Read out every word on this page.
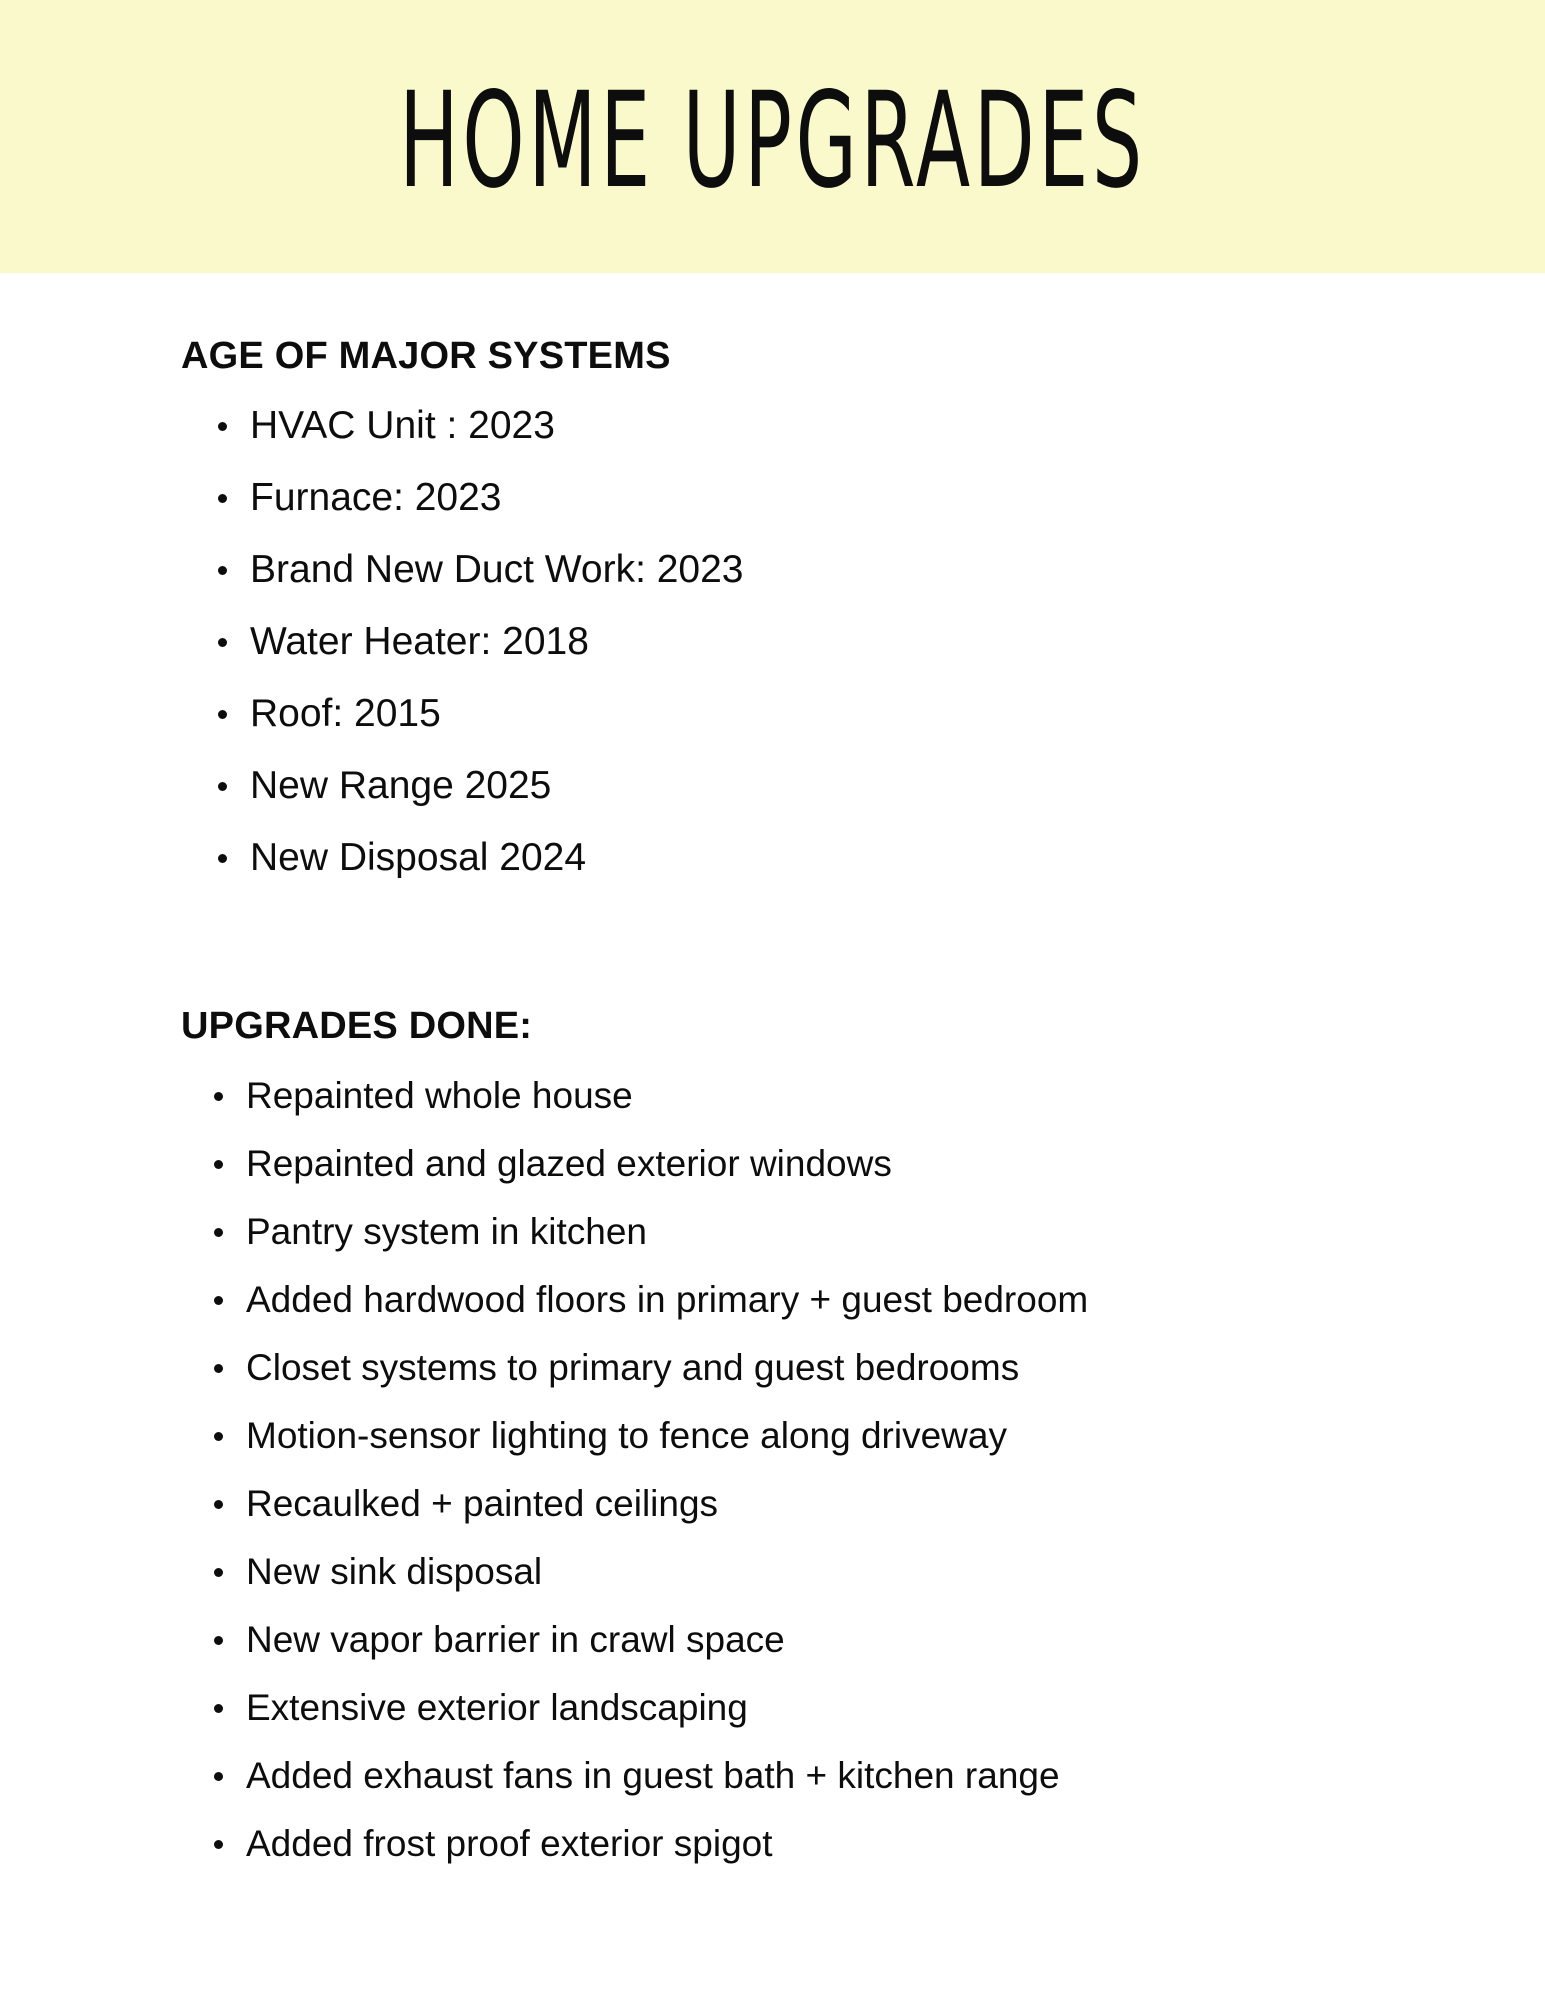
HOME UPGRADES
AGE OF MAJOR SYSTEMS
HVAC Unit : 2023
Furnace: 2023
Brand New Duct Work: 2023
Water Heater: 2018
Roof: 2015
New Range 2025
New Disposal 2024
UPGRADES DONE:
Repainted whole house
Repainted and glazed exterior windows
Pantry system in kitchen
Added hardwood floors in primary + guest bedroom
Closet systems to primary and guest bedrooms
Motion-sensor lighting to fence along driveway
Recaulked + painted ceilings
New sink disposal
New vapor barrier in crawl space
Extensive exterior landscaping
Added exhaust fans in guest bath + kitchen range
Added frost proof exterior spigot
